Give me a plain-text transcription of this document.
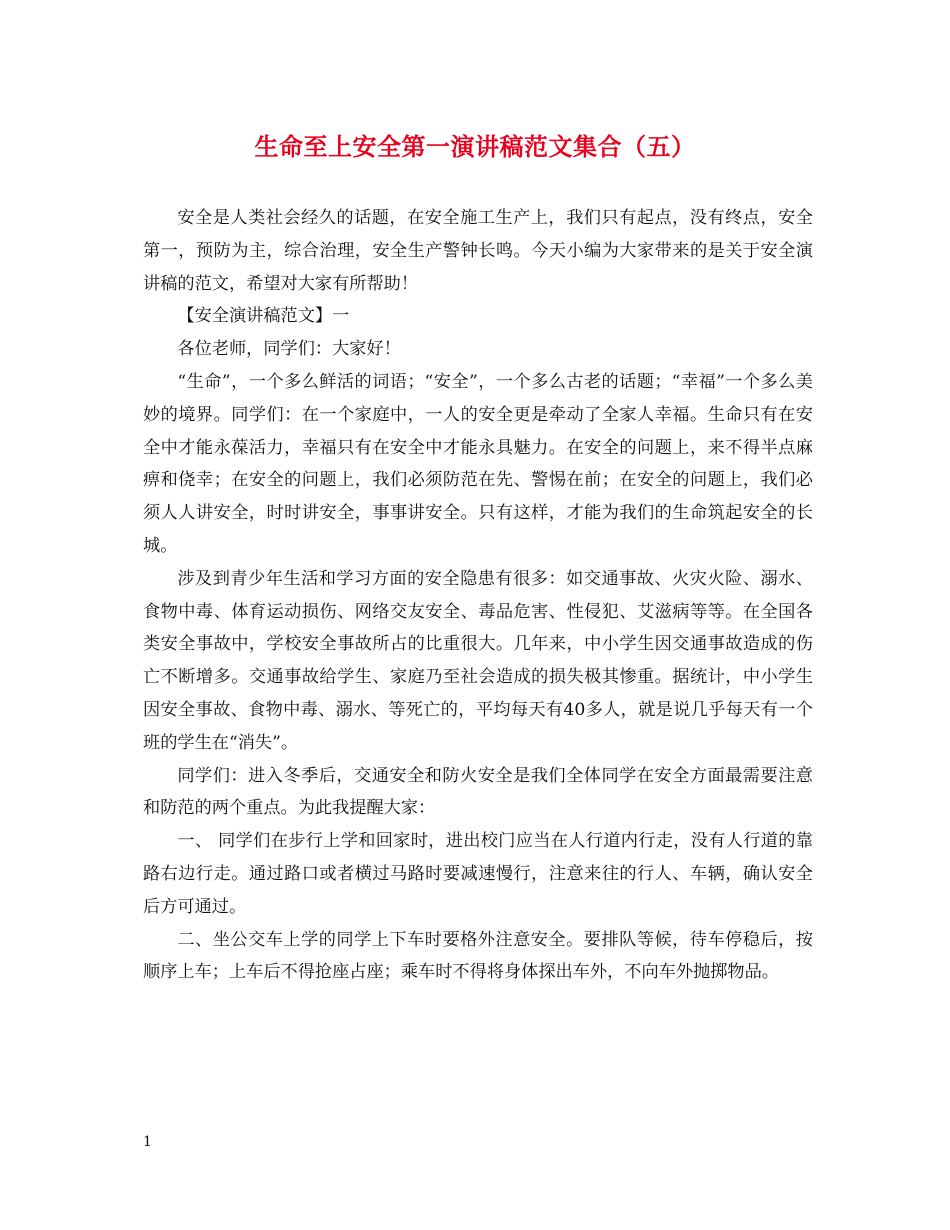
生命至上安全第一演讲稿范文集合（五）

安全是人类社会经久的话题，在安全施工生产上，我们只有起点，没有终点，安全第一，预防为主，综合治理，安全生产警钟长鸣。今天小编为大家带来的是关于安全演讲稿的范文，希望对大家有所帮助！

【安全演讲稿范文】一

各位老师，同学们：大家好！

“生命”，一个多么鲜活的词语；“安全”，一个多么古老的话题；“幸福”一个多么美妙的境界。同学们：在一个家庭中，一人的安全更是牵动了全家人幸福。生命只有在安全中才能永葆活力，幸福只有在安全中才能永具魅力。在安全的问题上，来不得半点麻痹和侥幸；在安全的问题上，我们必须防范在先、警惕在前；在安全的问题上，我们必须人人讲安全，时时讲安全，事事讲安全。只有这样，才能为我们的生命筑起安全的长城。

涉及到青少年生活和学习方面的安全隐患有很多：如交通事故、火灾火险、溺水、食物中毒、体育运动损伤、网络交友安全、毒品危害、性侵犯、艾滋病等等。在全国各类安全事故中，学校安全事故所占的比重很大。几年来，中小学生因交通事故造成的伤亡不断增多。交通事故给学生、家庭乃至社会造成的损失极其惨重。据统计，中小学生因安全事故、食物中毒、溺水、等死亡的，平均每天有40多人，就是说几乎每天有一个班的学生在“消失”。

同学们：进入冬季后，交通安全和防火安全是我们全体同学在安全方面最需要注意和防范的两个重点。为此我提醒大家：

一、 同学们在步行上学和回家时，进出校门应当在人行道内行走，没有人行道的靠路右边行走。通过路口或者横过马路时要减速慢行，注意来往的行人、车辆，确认安全后方可通过。

二、坐公交车上学的同学上下车时要格外注意安全。要排队等候，待车停稳后，按顺序上车；上车后不得抢座占座；乘车时不得将身体探出车外，不向车外抛掷物品。

1
